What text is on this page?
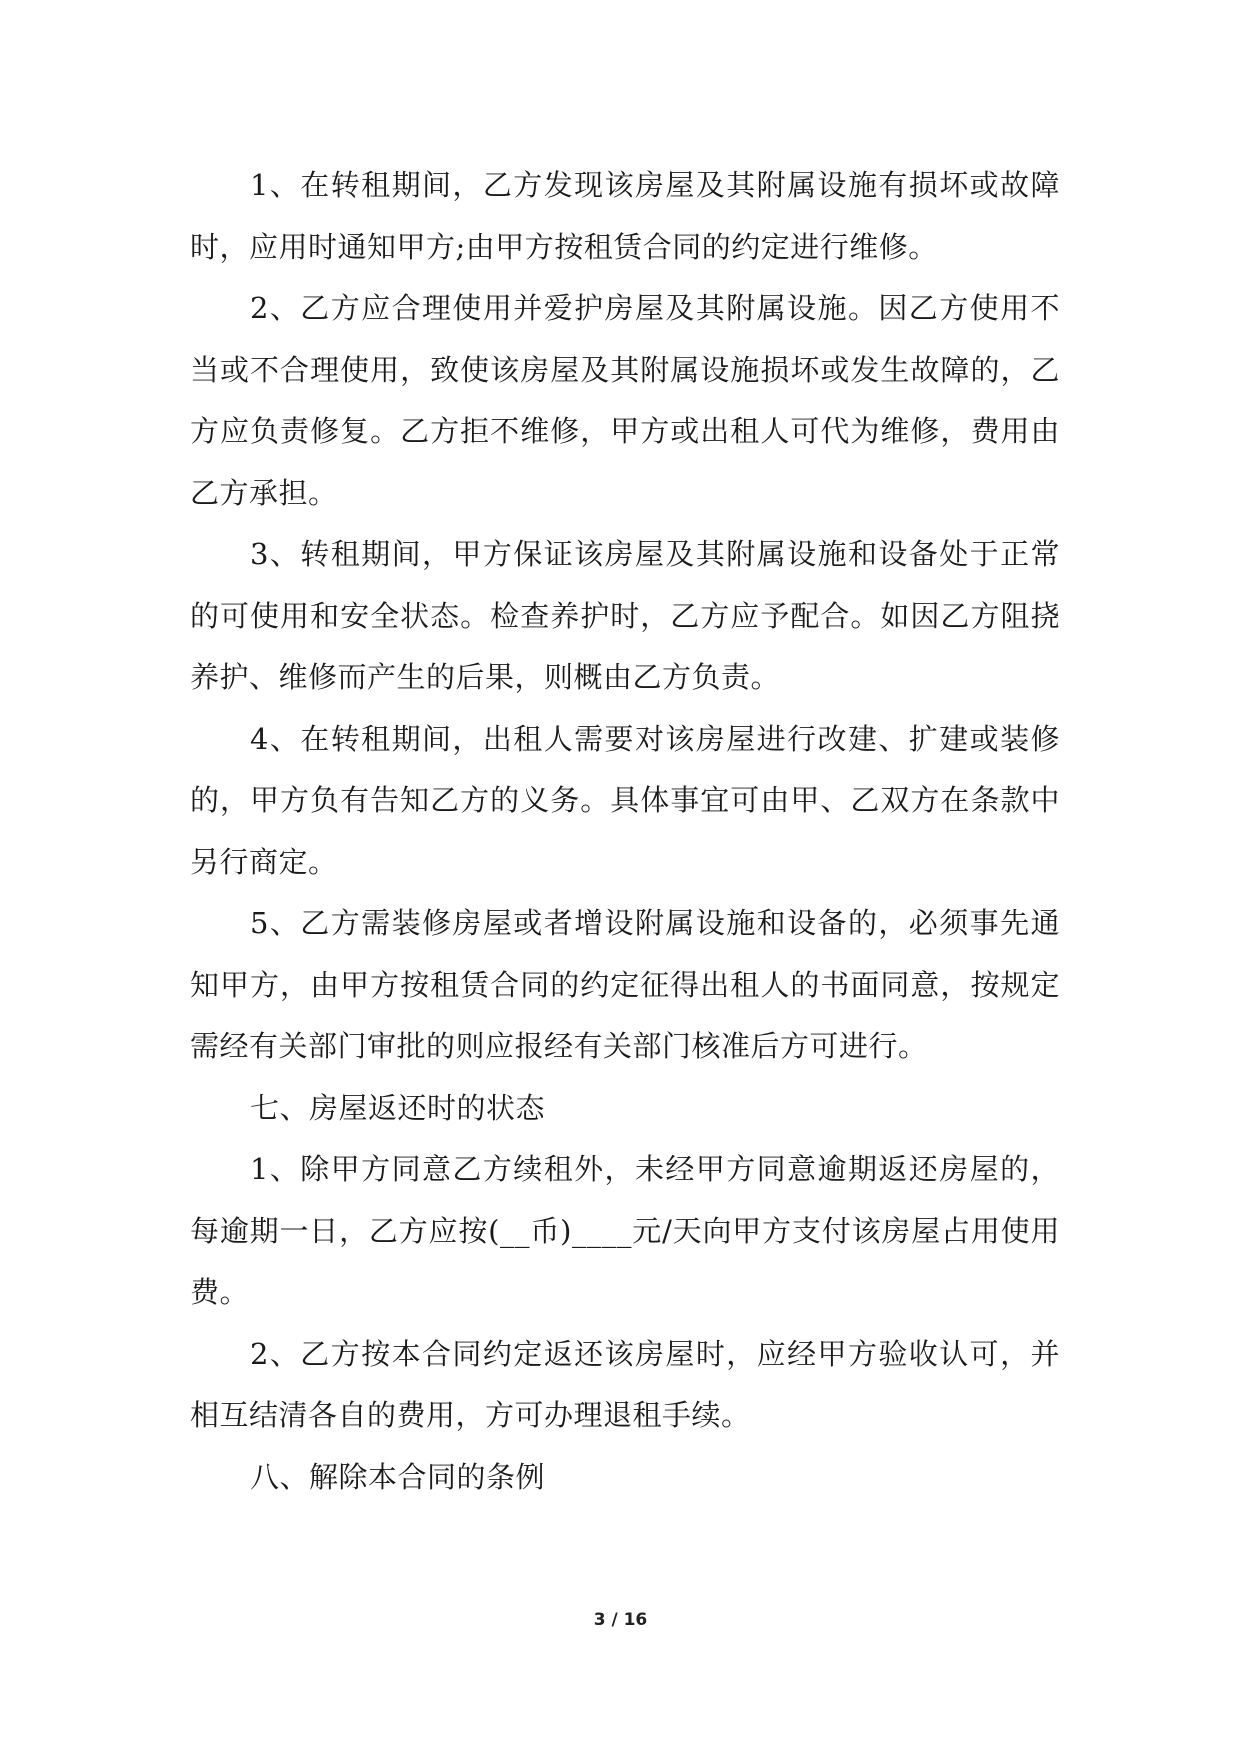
1、在转租期间，乙方发现该房屋及其附属设施有损坏或故障时，应用时通知甲方;由甲方按租赁合同的约定进行维修。

2、乙方应合理使用并爱护房屋及其附属设施。因乙方使用不当或不合理使用，致使该房屋及其附属设施损坏或发生故障的，乙方应负责修复。乙方拒不维修，甲方或出租人可代为维修，费用由乙方承担。

3、转租期间，甲方保证该房屋及其附属设施和设备处于正常的可使用和安全状态。检查养护时，乙方应予配合。如因乙方阻挠养护、维修而产生的后果，则概由乙方负责。

4、在转租期间，出租人需要对该房屋进行改建、扩建或装修的，甲方负有告知乙方的义务。具体事宜可由甲、乙双方在条款中另行商定。

5、乙方需装修房屋或者增设附属设施和设备的，必须事先通知甲方，由甲方按租赁合同的约定征得出租人的书面同意，按规定需经有关部门审批的则应报经有关部门核准后方可进行。

七、房屋返还时的状态

1、除甲方同意乙方续租外，未经甲方同意逾期返还房屋的，每逾期一日，乙方应按(__币)____元/天向甲方支付该房屋占用使用费。

2、乙方按本合同约定返还该房屋时，应经甲方验收认可，并相互结清各自的费用，方可办理退租手续。

八、解除本合同的条例

3 / 16
